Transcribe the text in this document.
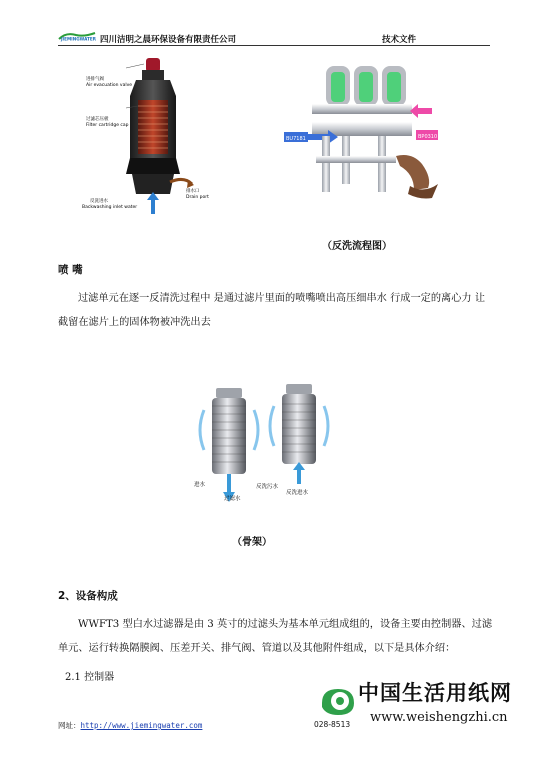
JIEMINGWATER 四川洁明之晨环保设备有限责任公司	技术文件
进排气阀
Air evacuation valve
过滤芯压板
Filter cartridge cap
反洗进水
Backwashing inlet water
排水口
Drain port
BU7181	BP0310
（反洗流程图）
喷 嘴
过滤单元在逐一反清洗过程中 是通过滤片里面的喷嘴喷出高压细串水 行成一定的离心力 让截留在滤片上的固体物被冲洗出去
进水
过滤水
反洗污水
反洗进水
（骨架）
2、设备构成
WWFT3 型白水过滤器是由 3 英寸的过滤头为基本单元组成组的，设备主要由控制器、过滤单元、运行转换隔膜阀、压差开关、排气阀、管道以及其他附件组成，以下是具体介绍：
2.1 控制器
网址：http://www.jiemingwater.com	028-8513
中国生活用纸网
www.weishengzhi.cn
